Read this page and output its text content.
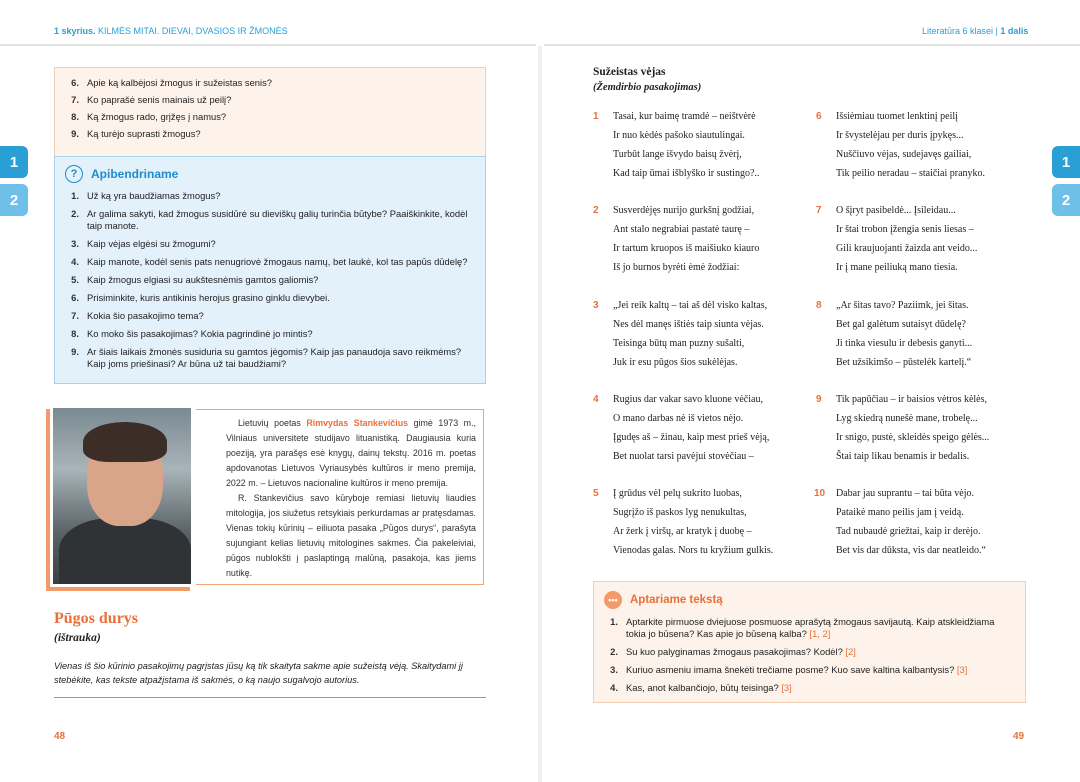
1 skyrius. KILMĖS MITAI. DIEVAI, DVASIOS IR ŽMONĖS	Literatūra 6 klasei | 1 dalis
1
2
1
2
6. Apie ką kalbėjosi žmogus ir sužeistas senis?
7. Ko paprašė senis mainais už peilį?
8. Ką žmogus rado, grįžęs į namus?
9. Ką turėjo suprasti žmogus?
?	Apibendriname
1. Už ką yra baudžiamas žmogus?
2. Ar galima sakyti, kad žmogus susidūrė su dieviškų galių turinčia būtybe? Paaiškinkite, kodėl taip manote.
3. Kaip vėjas elgėsi su žmogumi?
4. Kaip manote, kodėl senis pats nenugriovė žmogaus namų, bet laukė, kol tas papūs dūdelę?
5. Kaip žmogus elgiasi su aukštesnėmis gamtos galiomis?
6. Prisiminkite, kuris antikinis herojus grasino ginklu dievybei.
7. Kokia šio pasakojimo tema?
8. Ko moko šis pasakojimas? Kokia pagrindinė jo mintis?
9. Ar šiais laikais žmonės susiduria su gamtos jėgomis? Kaip jas panaudoja savo reikmėms? Kaip joms priešinasi? Ar būna už tai baudžiami?

Lietuvių poetas Rimvydas Stankevičius gimė 1973 m., Vilniaus universitete studijavo lituanistiką. Daugiausia kuria poeziją, yra parašęs esė knygų, dainų tekstų. 2016 m. poetas apdovanotas Lietuvos Vyriausybės kultūros ir meno premija, 2022 m. – Lietuvos nacionaline kultūros ir meno premija.

R. Stankevičius savo kūryboje remiasi lietuvių liaudies mitologija, jos siužetus retsykiais perkurdamas ar pratęsdamas. Vienas tokių kūrinių – eiliuota pasaka „Pūgos durys“, parašyta sujungiant kelias lietuvių mitologines sakmes. Čia pakeleiviai, pūgos nublokšti į paslaptingą malūną, pasakoja, kas jiems nutikę.

Pūgos durys
(ištrauka)
Vienas iš šio kūrinio pasakojimų pagrįstas jūsų ką tik skaityta sakme apie sužeistą vėją. Skaitydami jį stebėkite, kas tekste atpažįstama iš sakmės, o ką naujo sugalvojo autorius.
48	49
Sužeistas vėjas
(Žemdirbio pasakojimas)
1 Tasai, kur baimę tramdė – neištvėrė
Ir nuo kėdės pašoko siautulingai.
Turbūt lange išvydo baisų žvėrį,
Kad taip ūmai išblyško ir sustingo?..
2 Susverdėjęs nurijo gurkšnį godžiai,
Ant stalo negrabiai pastatė taurę –
Ir tartum kruopos iš maišiuko kiauro
Iš jo burnos byrėti ėmė žodžiai:
3 „Jei reik kaltų – tai aš dėl visko kaltas,
Nes dėl manęs ištiės taip siunta vėjas.
Teisinga būtų man puzny sušalti,
Juk ir esu pūgos šios sukėlėjas.
4 Rugius dar vakar savo kluone vėčiau,
O mano darbas nė iš vietos nėjo.
Įgudęs aš – žinau, kaip mest prieš vėją,
Bet nuolat tarsi pavėjui stovėčiau –
5 Į grūdus vėl pelų sukrito luobas,
Sugrįžo iš paskos lyg nenukultas,
Ar žerk į viršų, ar kratyk į duobę –
Vienodas galas. Nors tu kryžium gulkis.
6 Išsiėmiau tuomet lenktinį peilį
Ir švystelėjau per duris įpykęs...
Nuščiuvo vėjas, sudejavęs gailiai,
Tik peilio neradau – staičiai pranyko.
7 O šįryt pasibeldė... Įsileidau...
Ir štai trobon įžengia senis liesas –
Gili kraujuojanti žaizda ant veido...
Ir į mane peiliuką mano tiesia.
8 „Ar šitas tavo? Paziimk, jei šitas.
Bet gal galėtum sutaisyt dūdelę?
Ji tinka viesulu ir debesis ganyti...
Bet užsikimšo – pūstelėk kartelį.“
9 Tik papūčiau – ir baisios vėtros kėlės,
Lyg skiedrą nunešė mane, trobelę...
Ir snigo, pustė, skleidės speigo gėlės...
Štai taip likau benamis ir bedalis.
10 Dabar jau suprantu – tai būta vėjo.
Pataikė mano peilis jam į veidą.
Tad nubaudė griežtai, kaip ir derėjo.
Bet vis dar dūksta, vis dar neatleido.“
•••	Aptariame tekstą
1. Aptarkite pirmuose dviejuose posmuose aprašytą žmogaus savijautą. Kaip atskleidžiama tokia jo būsena? Kas apie jo būseną kalba? [1, 2]
2. Su kuo palyginamas žmogaus pasakojimas? Kodėl? [2]
3. Kuriuo asmeniu imama šnekėti trečiame posme? Kuo save kaltina kalbantysis? [3]
4. Kas, anot kalbančiojo, būtų teisinga? [3]
